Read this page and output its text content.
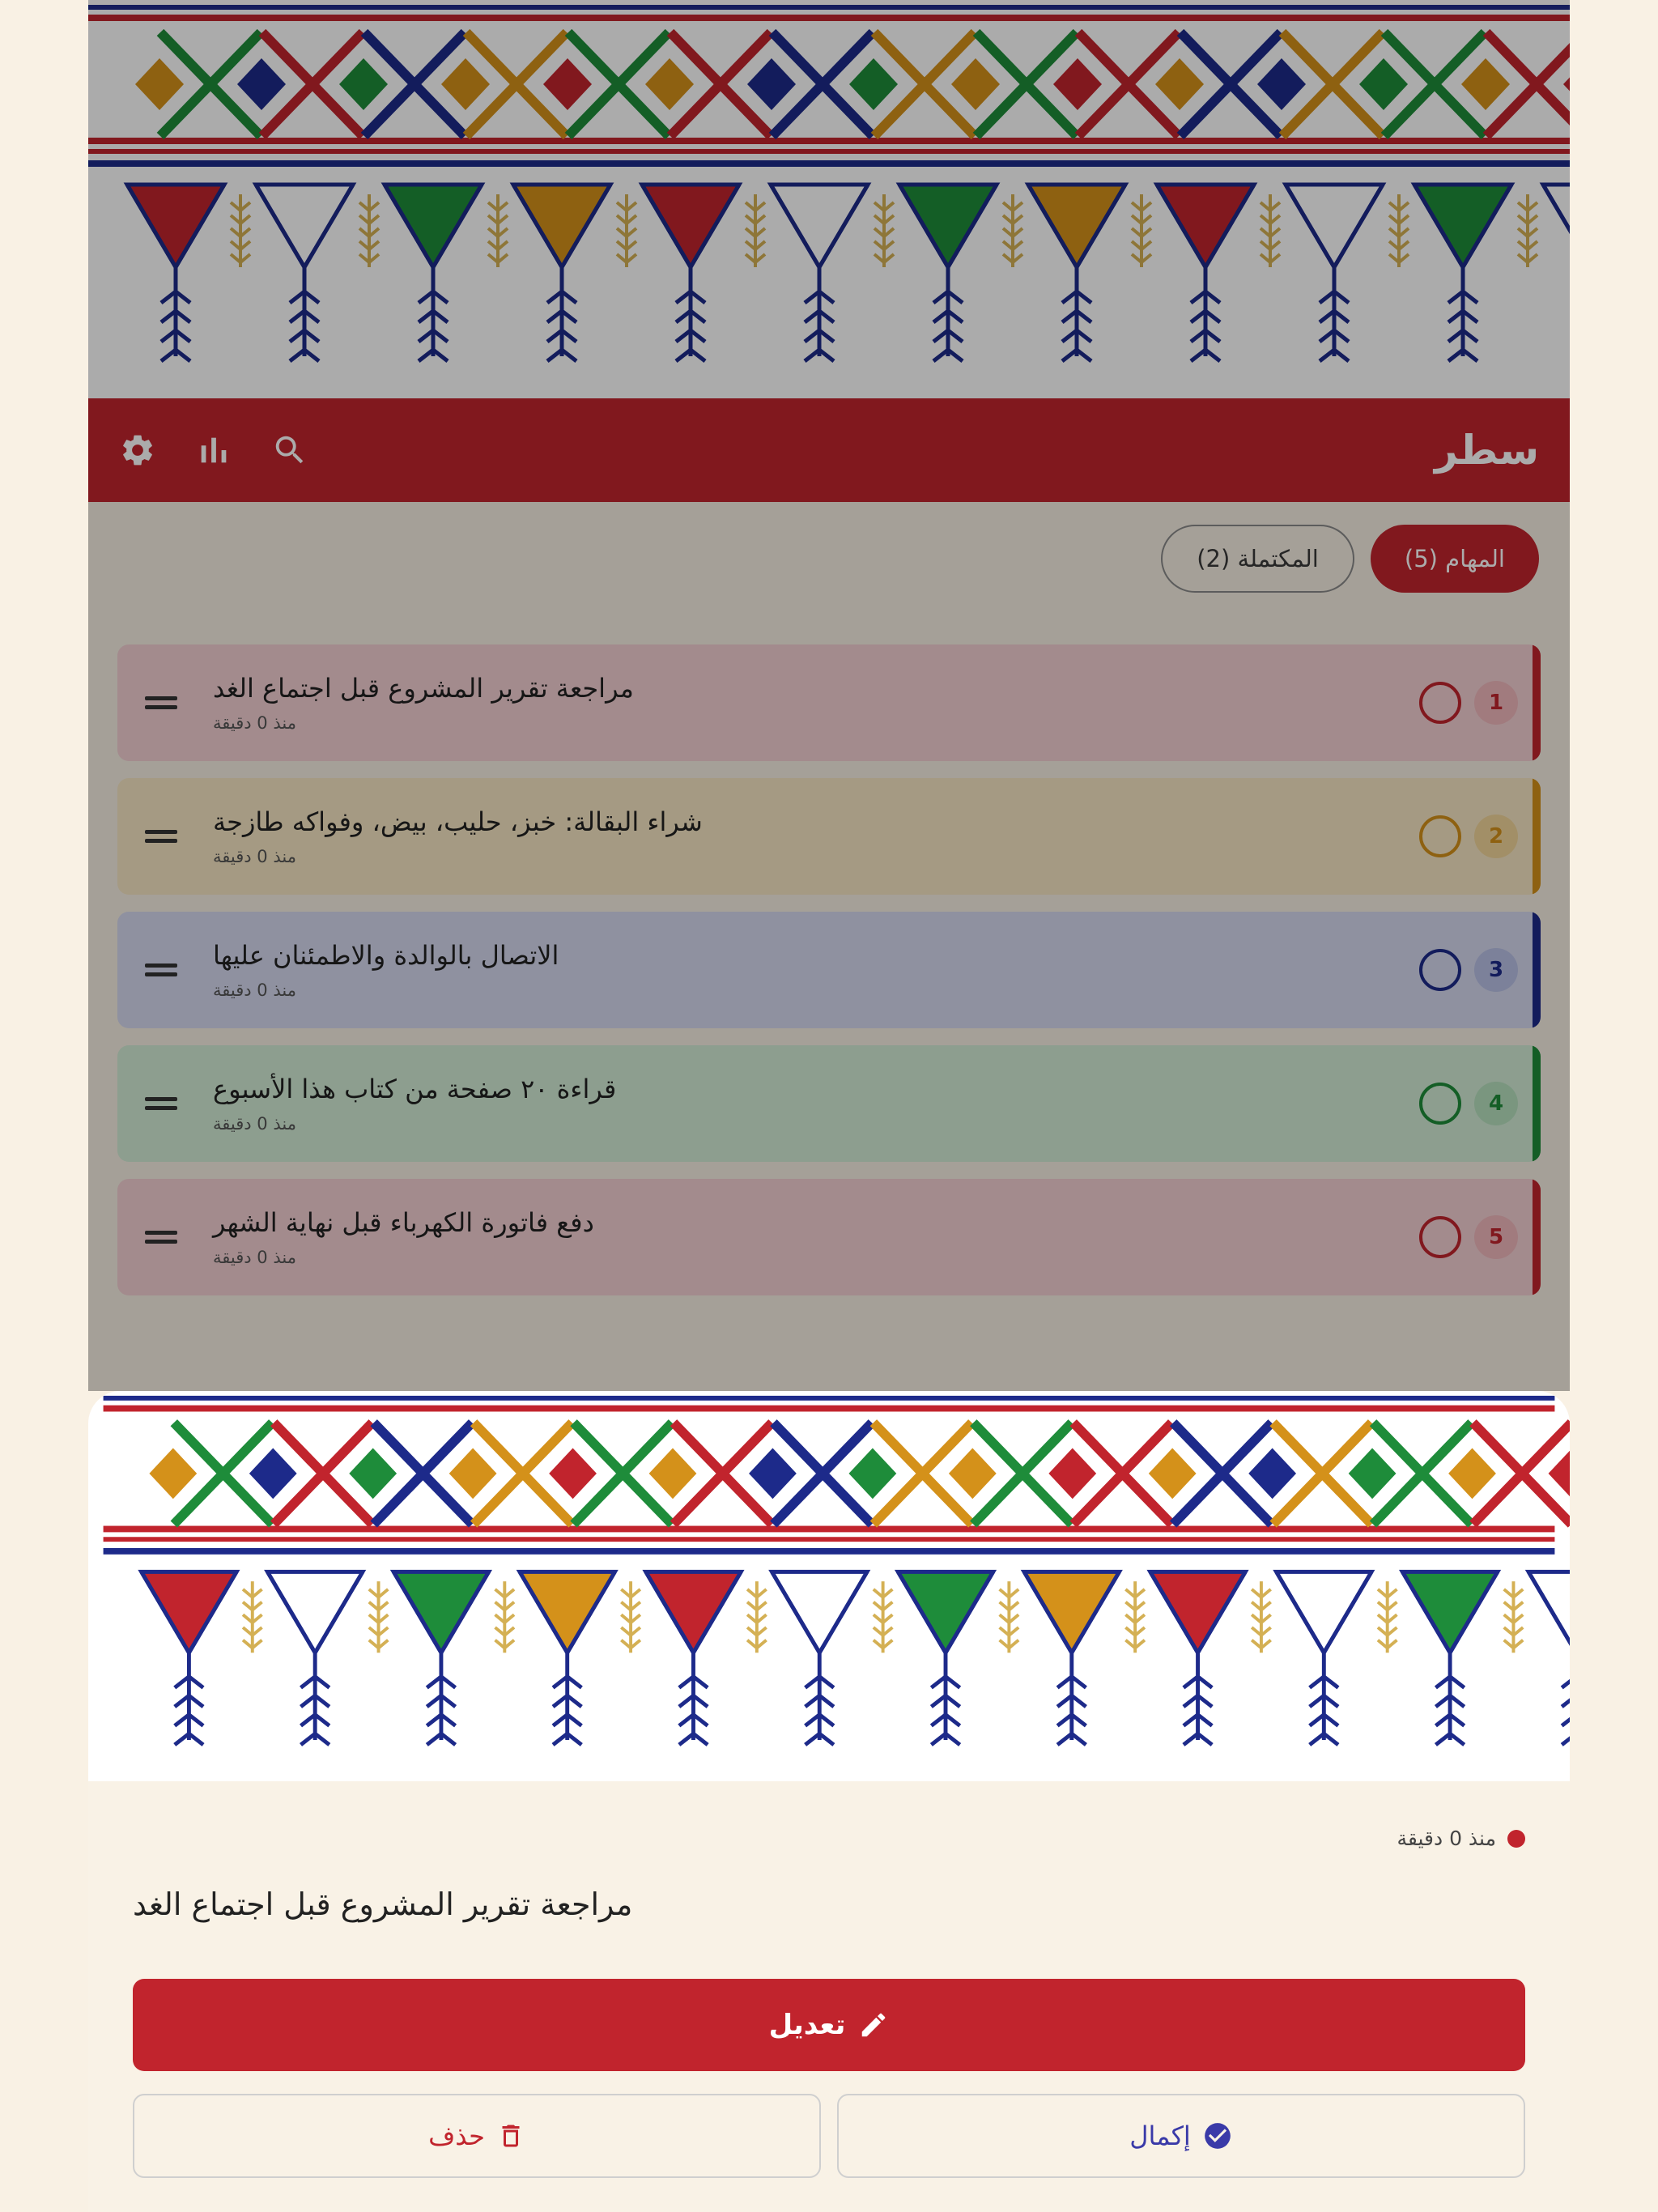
سطر
المهام (5)
المكتملة (2)
1
مراجعة تقرير المشروع قبل اجتماع الغد
منذ 0 دقيقة
2
شراء البقالة: خبز، حليب، بيض، وفواكه طازجة
منذ 0 دقيقة
3
الاتصال بالوالدة والاطمئنان عليها
منذ 0 دقيقة
4
قراءة ٢٠ صفحة من كتاب هذا الأسبوع
منذ 0 دقيقة
5
دفع فاتورة الكهرباء قبل نهاية الشهر
منذ 0 دقيقة
منذ 0 دقيقة
مراجعة تقرير المشروع قبل اجتماع الغد
تعديل
إكمال
حذف
